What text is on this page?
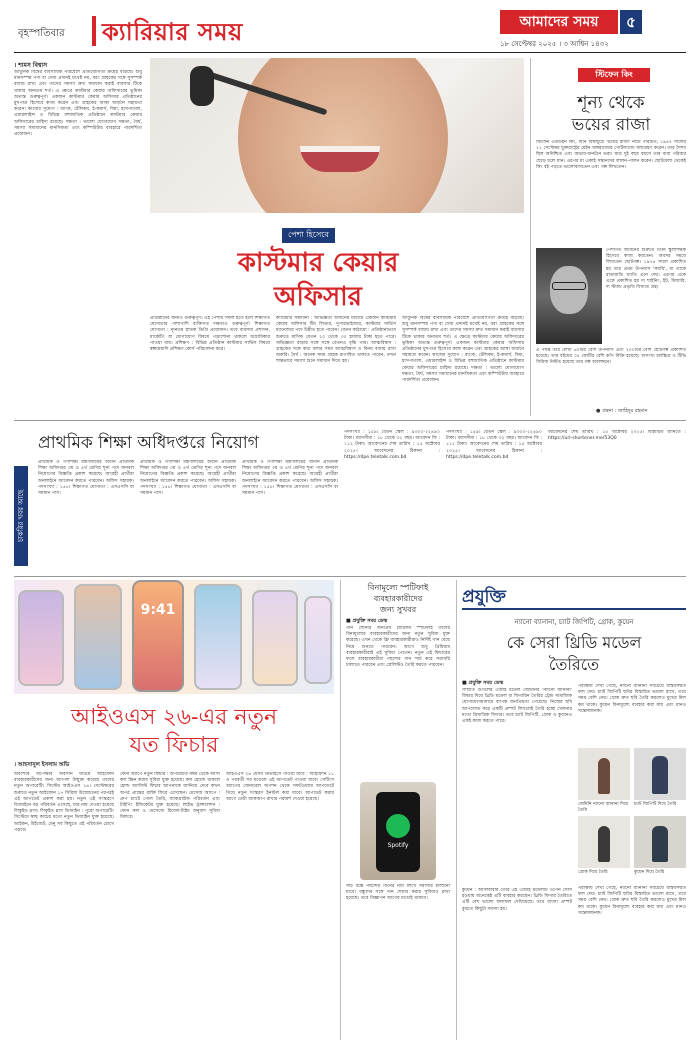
বৃহস্পতিবার ক্যারিয়ার সময়	আমাদের সময়	৫
১৮ সেপ্টেম্বর ২০২৫ । ৩ আশ্বিন ১৪৩২
। শামস বিশ্বাস
আধুনিক বিশ্বের ব্যবসায়িক পরিবেশে প্রতিযোগিতা ক্রমেই বাড়ছে। শুধু মানসম্পন্ন পণ্য বা সেবা প্রদানই যথেষ্ট নয়, বরং গ্রাহকের সঙ্গে সুসম্পর্ক বজায় রাখা এবং তাদের সমস্যা দ্রুত সমাধান করাই ব্যবসার টিকে থাকার অন্যতম শর্ত। এ ক্ষেত্রে কাস্টমার কেয়ার অফিসারের ভূমিকা অত্যন্ত গুরুত্বপূর্ণ। একজন কাস্টমার কেয়ার অফিসার প্রতিষ্ঠানের মুখপাত্র হিসেবে কাজ করেন এবং গ্রাহকের আস্থা অর্জনে সহায়তা করেন। কাজের সুযোগ : ব্যাংক, টেলিকম, ই-কমার্স, বিমা, হাসপাতাল, এয়ারলাইন্স ও বিভিন্ন বহুজাতিক প্রতিষ্ঠানে কাস্টমার কেয়ার অফিসারের চাহিদা রয়েছে। দক্ষতা : ভালো যোগাযোগ দক্ষতা, ধৈর্য, সমস্যা সমাধানের মানসিকতা এবং কম্পিউটার ব্যবহারে পারদর্শিতা প্রয়োজন।
পেশা হিসেবে
কাস্টমার কেয়ার
অফিসার
প্রতিষ্ঠানের জন্যও গুরুত্বপূর্ণ। এই পেশায় সফল হতে হলে শিক্ষাগত যোগ্যতার পাশাপাশি ব্যক্তিগত দক্ষতাও গুরুত্বপূর্ণ। শিক্ষাগত যোগ্যতা : ন্যূনতম স্নাতক ডিগ্রি প্রয়োজন। তবে ব্যবসায় প্রশাসন, মার্কেটিং বা যোগাযোগ বিষয়ে পড়াশোনা থাকলে অগ্রাধিকার পাওয়া যায়। প্রশিক্ষণ : বিভিন্ন প্রতিষ্ঠান কাস্টমার সার্ভিস বিষয়ে স্বল্পমেয়াদি প্রশিক্ষণ কোর্স পরিচালনা করে।
ক্যারিয়ার সম্ভাবনা : অভিজ্ঞতা অর্জনের মাধ্যমে একজন কাস্টমার কেয়ার অফিসার টিম লিডার, সুপারভাইজার, কাস্টমার সার্ভিস ম্যানেজার পদে উন্নীত হতে পারেন। বেতন কাঠামো : প্রতিষ্ঠানভেদে শুরুতে মাসিক বেতন ২০ থেকে ৩০ হাজার টাকা হতে পারে। অভিজ্ঞতা বাড়ার সঙ্গে সঙ্গে বেতনও বৃদ্ধি পায়। আত্মবিশ্বাস : গ্রাহকের সঙ্গে কথা বলার সময় আত্মবিশ্বাস ও বিনয় বজায় রাখা জরুরি। ধৈর্য : অনেক সময় গ্রাহক রাগান্বিত থাকতে পারেন, তখন শান্তভাবে সমস্যা শুনে সমাধান দিতে হয়।
আধুনিক বিশ্বের ব্যবসায়িক পরিবেশে প্রতিযোগিতা ক্রমেই বাড়ছে। শুধু মানসম্পন্ন পণ্য বা সেবা প্রদানই যথেষ্ট নয়, বরং গ্রাহকের সঙ্গে সুসম্পর্ক বজায় রাখা এবং তাদের সমস্যা দ্রুত সমাধান করাই ব্যবসার টিকে থাকার অন্যতম শর্ত। এ ক্ষেত্রে কাস্টমার কেয়ার অফিসারের ভূমিকা অত্যন্ত গুরুত্বপূর্ণ। একজন কাস্টমার কেয়ার অফিসার প্রতিষ্ঠানের মুখপাত্র হিসেবে কাজ করেন এবং গ্রাহকের আস্থা অর্জনে সহায়তা করেন। কাজের সুযোগ : ব্যাংক, টেলিকম, ই-কমার্স, বিমা, হাসপাতাল, এয়ারলাইন্স ও বিভিন্ন বহুজাতিক প্রতিষ্ঠানে কাস্টমার কেয়ার অফিসারের চাহিদা রয়েছে। দক্ষতা : ভালো যোগাযোগ দক্ষতা, ধৈর্য, সমস্যা সমাধানের মানসিকতা এবং কম্পিউটার ব্যবহারে পারদর্শিতা প্রয়োজন।
স্টিফেন কিং
শূন্য থেকে
ভয়ের রাজা
স্টিফেন এডউইন কিং, যিনি বিশ্বজুড়ে 'ভয়ের রাজা' নামে পরিচিত, ১৯৪৭ সালের ২১ সেপ্টেম্বর যুক্তরাষ্ট্রের মেইন অঙ্গরাজ্যের পোর্টল্যান্ডে জন্মগ্রহণ করেন। তার শৈশব ছিল অনিশ্চিত এবং অভাব-অনটনে ভরা। মাত্র দুই বছর বয়সে তার বাবা পরিবার ছেড়ে চলে যান। এরপর মা একাই সন্তানদের লালন-পালন করেন। ছোটবেলা থেকেই কিং বই পড়তে ভালোবাসতেন এবং গল্প লিখতেন।
পেশাগত জীবনের শুরুতে তিনি স্কুলশিক্ষক হিসেবে কাজ করতেন। অবসর সময়ে লিখতেন ছোটগল্প। ১৯৭৪ সালে প্রকাশিত হয় তার প্রথম উপন্যাস 'ক্যারি', যা তাকে রাতারাতি খ্যাতি এনে দেয়। এরপর একে একে প্রকাশিত হয় দ্য শাইনিং, ইট, মিজারি, দ্য স্ট্যান্ড প্রভৃতি বিখ্যাত গ্রন্থ।
এ পর্যন্ত তার লেখা ৬০টির বেশি উপন্যাস এবং ২০০টির বেশি ছোটগল্প প্রকাশিত হয়েছে। তার বইয়ের ৩৫ কোটির বেশি কপি বিক্রি হয়েছে। অসংখ্য চলচ্চিত্র ও টিভি সিরিজ নির্মিত হয়েছে তার গল্প অবলম্বনে।
● গ্রন্থনা : জাহিদুর রহমান
চাকরির খবর আছে
প্রাথমিক শিক্ষা অধিদপ্তরে নিয়োগ
প্রাথমিক ও গণশিক্ষা মন্ত্রণালয়ের অধীন প্রাথমিক শিক্ষা অধিদপ্তর ৩য় ও ৪র্থ শ্রেণির শূন্য পদে জনবল নিয়োগের বিজ্ঞপ্তি প্রকাশ করেছে। আগ্রহী প্রার্থীরা অনলাইনে আবেদন করতে পারবেন। অফিস সহায়ক। পদসংখ্যা : ১৫৮। শিক্ষাগত যোগ্যতা : এসএসসি বা সমমান পাস।
প্রাথমিক ও গণশিক্ষা মন্ত্রণালয়ের অধীন প্রাথমিক শিক্ষা অধিদপ্তর ৩য় ও ৪র্থ শ্রেণির শূন্য পদে জনবল নিয়োগের বিজ্ঞপ্তি প্রকাশ করেছে। আগ্রহী প্রার্থীরা অনলাইনে আবেদন করতে পারবেন। অফিস সহায়ক। পদসংখ্যা : ১৫৮। শিক্ষাগত যোগ্যতা : এসএসসি বা সমমান পাস।
প্রাথমিক ও গণশিক্ষা মন্ত্রণালয়ের অধীন প্রাথমিক শিক্ষা অধিদপ্তর ৩য় ও ৪র্থ শ্রেণির শূন্য পদে জনবল নিয়োগের বিজ্ঞপ্তি প্রকাশ করেছে। আগ্রহী প্রার্থীরা অনলাইনে আবেদন করতে পারবেন। অফিস সহায়ক। পদসংখ্যা : ১৫৮। শিক্ষাগত যোগ্যতা : এসএসসি বা সমমান পাস।
পদসংখ্যা : ১৫৯। বেতন স্কেল : ৯৩০০-২২৪৯০ টাকা। বয়সসীমা : ১৮ থেকে ৩২ বছর। আবেদন ফি : ১১২ টাকা। আবেদনের শেষ তারিখ : ১৫ অক্টোবর ২০২৫। আবেদনের ঠিকানা : https://dpe.teletalk.com.bd
পদসংখ্যা : ১৫৯। বেতন স্কেল : ৯৩০০-২২৪৯০ টাকা। বয়সসীমা : ১৮ থেকে ৩২ বছর। আবেদন ফি : ১১২ টাকা। আবেদনের শেষ তারিখ : ১৫ অক্টোবর ২০২৫। আবেদনের ঠিকানা : https://dpe.teletalk.com.bd
আবেদনের শেষ তারিখ : ১৫ অক্টোবর ২০২৫। বিস্তারিত জানতে : https://url-shortener.me/53Q0
9:41
আইওএস ২৬-এর নতুন
যত ফিচার
। আহসানুল ইসলাম অভি
অবশেষে অপেক্ষার অবসান ঘটিয়ে আইফোন ব্যবহারকারীদের জন্য অ্যাপল উন্মুক্ত করেছে তাদের নতুন অপারেটিং সিস্টেম আইওএস ২৬। সেপ্টেম্বরের শুরুতে নতুন আইফোন ১৭ সিরিজ উন্মোচনের পরপরই এই আপডেট প্রকাশ করা হয়। নতুন এই সংস্করণে ডিজাইনে বড় পরিবর্তন এসেছে, যার নাম দেওয়া হয়েছে লিকুইড গ্লাস। লিকুইড গ্লাস ডিজাইন : পুরো অপারেটিং সিস্টেমে স্বচ্ছ কাচের মতো নতুন ডিজাইন যুক্ত হয়েছে। আইকন, উইজেট, মেনু সব কিছুতে এই পরিবর্তন চোখে পড়বে।
ফোন অ্যাপে নতুন ফিচার : অপরিচিত নম্বর থেকে আসা কল স্ক্রিন করার সুবিধা যুক্ত হয়েছে। কল হোল্ডে থাকলে হোল্ড অ্যাসিস্ট ফিচার আপনাকে জানিয়ে দেবে কখন অপর প্রান্তের ব্যক্তি ফিরে এসেছেন। মেসেজ অ্যাপে : গ্রুপ চ্যাটে পোল তৈরি, ব্যাকগ্রাউন্ড পরিবর্তন এবং টাইপিং ইন্ডিকেটর যুক্ত হয়েছে। লাইভ ট্রান্সলেশন : ফোন কল ও মেসেজে রিয়েল-টাইম অনুবাদ সুবিধা মিলবে।
আইওএস ২৬ যেসব ডিভাইসে পাওয়া যাবে : আইফোন ১১ ও পরবর্তী সব মডেলে এই আপডেট পাওয়া যাবে। সেটিংস অ্যাপের জেনারেল অপশন থেকে সফটওয়্যার আপডেটে গিয়ে নতুন সংস্করণ ইনস্টল করা যাবে। আপডেট করার আগে ডেটা ব্যাকআপ রাখার পরামর্শ দেওয়া হয়েছে।
বিনামূল্যে স্পটিফাই
ব্যবহারকারীদের
জন্য সুখবর
■ প্রযুক্তি সময় ডেস্ক
গান শোনার জনপ্রিয় প্ল্যাটফর্ম স্পটিফাই তাদের বিনামূল্যের ব্যবহারকারীদের জন্য নতুন সুবিধা যুক্ত করেছে। এখন থেকে ফ্রি ব্যবহারকারীরাও নির্দিষ্ট গান বেছে নিয়ে শুনতে পারবেন। আগে শুধু প্রিমিয়াম ব্যবহারকারীরাই এই সুবিধা পেতেন। নতুন এই ফিচারের ফলে ব্যবহারকারীরা পছন্দের গান সার্চ করে সরাসরি চালাতে পারবেন এবং প্লেলিস্টও তৈরি করতে পারবেন।
Spotify
সার্চ বক্সে পছন্দের গানের নাম লিখে সরাসরি চালানো যাবে। বন্ধুদের সঙ্গে গান শেয়ার করার সুবিধাও রাখা হয়েছে। তবে বিজ্ঞাপন আগের মতোই থাকবে।
প্রযুক্তি
ন্যানো ব্যানানা, চ্যাট জিপিটি, গ্রোক, কুয়েন
কে সেরা থ্রিডি মডেল
তৈরিতে
■ প্রযুক্তি সময় ডেস্ক
সম্প্রতি গুগলের এআই মডেল জেমিনির 'ন্যানো ব্যানানা' ফিচার দিয়ে থ্রিডি মডেল বা ফিগারিন তৈরির ট্রেন্ড সামাজিক যোগাযোগমাধ্যমে ব্যাপক জনপ্রিয়তা পেয়েছে। নিজের ছবি আপলোড করে একটি প্রম্পট লিখলেই তৈরি হচ্ছে খেলনার মতো ত্রিমাত্রিক ফিগার। তবে চ্যাট জিপিটি, গ্রোক ও কুয়েনও একই কাজ করতে পারে।
পরীক্ষায় দেখা গেছে, ন্যানো ব্যানানা সবচেয়ে বাস্তবসম্মত ফল দেয়। চ্যাট জিপিটি ছবির বিস্তারিত ভালো রাখে, তবে সময় বেশি নেয়। গ্রোক দ্রুত ছবি তৈরি করলেও মুখের মিল কম থাকে। কুয়েন বিনামূল্যে ব্যবহার করা যায় এবং মানও সন্তোষজনক।
জেমিনি ন্যানো ব্যানানা দিয়ে তৈরি
চ্যাট জিপিটি দিয়ে তৈরি
গ্রোক দিয়ে তৈরি	কুয়েন দিয়ে তৈরি
কুয়েন : আলিবাবার তৈরি এই এআই মডেলটি ওপেন সোর্স হওয়ায় অনেকেই এটি ব্যবহার করছেন। থ্রিডি ফিগার তৈরিতে এটি বেশ ভালো ফলাফল দেখিয়েছে। তবে বাংলা প্রম্পট বুঝতে কিছুটা সমস্যা হয়।
পরীক্ষায় দেখা গেছে, ন্যানো ব্যানানা সবচেয়ে বাস্তবসম্মত ফল দেয়। চ্যাট জিপিটি ছবির বিস্তারিত ভালো রাখে, তবে সময় বেশি নেয়। গ্রোক দ্রুত ছবি তৈরি করলেও মুখের মিল কম থাকে। কুয়েন বিনামূল্যে ব্যবহার করা যায় এবং মানও সন্তোষজনক।
